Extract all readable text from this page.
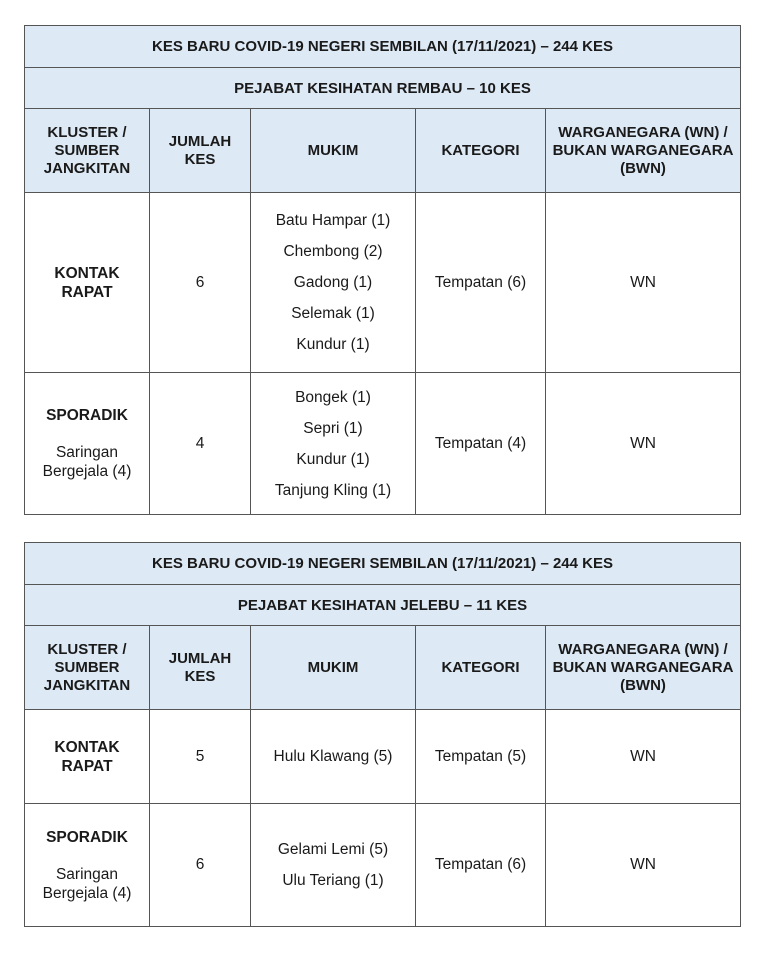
KES BARU COVID-19 NEGERI SEMBILAN (17/11/2021) – 244 KES				
PEJABAT KESIHATAN REMBAU – 10 KES				
KLUSTER / SUMBER JANGKITAN	JUMLAH KES	MUKIM	KATEGORI	WARGANEGARA (WN) / BUKAN WARGANEGARA (BWN)

KONTAK RAPAT	6	Batu Hampar (1)
Chembong (2)
Gadong (1)
Selemak (1)
Kundur (1)	Tempatan (6)	WN

SPORADIK
Saringan Bergejala (4)	4	Bongek (1)
Sepri (1)
Kundur (1)
Tanjung Kling (1)	Tempatan (4)	WN
KES BARU COVID-19 NEGERI SEMBILAN (17/11/2021) – 244 KES				
PEJABAT KESIHATAN JELEBU – 11 KES				
KLUSTER / SUMBER JANGKITAN	JUMLAH KES	MUKIM	KATEGORI	WARGANEGARA (WN) / BUKAN WARGANEGARA (BWN)

KONTAK RAPAT	5	Hulu Klawang (5)	Tempatan (5)	WN

SPORADIK
Saringan Bergejala (4)	6	Gelami Lemi (5)
Ulu Teriang (1)	Tempatan (6)	WN
